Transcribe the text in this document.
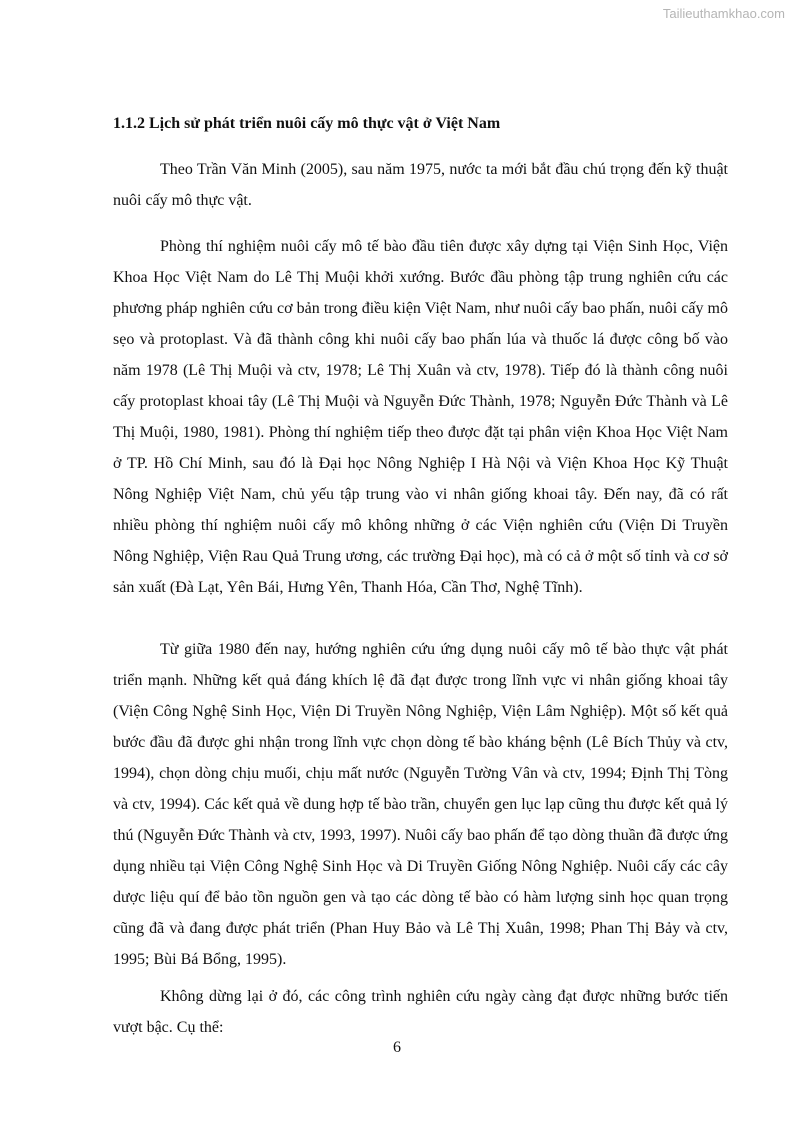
Tailieuthamkhao.com
1.1.2 Lịch sử phát triển nuôi cấy mô thực vật ở Việt Nam

Theo Trần Văn Minh (2005), sau năm 1975, nước ta mới bắt đầu chú trọng đến kỹ thuật nuôi cấy mô thực vật.

Phòng thí nghiệm nuôi cấy mô tế bào đầu tiên được xây dựng tại Viện Sinh Học, Viện Khoa Học Việt Nam do Lê Thị Muội khởi xướng. Bước đầu phòng tập trung nghiên cứu các phương pháp nghiên cứu cơ bản trong điều kiện Việt Nam, như nuôi cấy bao phấn, nuôi cấy mô sẹo và protoplast. Và đã thành công khi nuôi cấy bao phấn lúa và thuốc lá được công bố vào năm 1978 (Lê Thị Muội và ctv, 1978; Lê Thị Xuân và ctv, 1978). Tiếp đó là thành công nuôi cấy protoplast khoai tây (Lê Thị Muội và Nguyễn Đức Thành, 1978; Nguyễn Đức Thành và Lê Thị Muội, 1980, 1981). Phòng thí nghiệm tiếp theo được đặt tại phân viện Khoa Học Việt Nam ở TP. Hồ Chí Minh, sau đó là Đại học Nông Nghiệp I Hà Nội và Viện Khoa Học Kỹ Thuật Nông Nghiệp Việt Nam, chủ yếu tập trung vào vi nhân giống khoai tây. Đến nay, đã có rất nhiều phòng thí nghiệm nuôi cấy mô không những ở các Viện nghiên cứu (Viện Di Truyền Nông Nghiệp, Viện Rau Quả Trung ương, các trường Đại học), mà có cả ở một số tỉnh và cơ sở sản xuất (Đà Lạt, Yên Bái, Hưng Yên, Thanh Hóa, Cần Thơ, Nghệ Tĩnh).

Từ giữa 1980 đến nay, hướng nghiên cứu ứng dụng nuôi cấy mô tế bào thực vật phát triển mạnh. Những kết quả đáng khích lệ đã đạt được trong lĩnh vực vi nhân giống khoai tây (Viện Công Nghệ Sinh Học, Viện Di Truyền Nông Nghiệp, Viện Lâm Nghiệp). Một số kết quả bước đầu đã được ghi nhận trong lĩnh vực chọn dòng tế bào kháng bệnh (Lê Bích Thủy và ctv, 1994), chọn dòng chịu muối, chịu mất nước (Nguyễn Tường Vân và ctv, 1994; Định Thị Tòng và ctv, 1994). Các kết quả về dung hợp tế bào trần, chuyển gen lục lạp cũng thu được kết quả lý thú (Nguyễn Đức Thành và ctv, 1993, 1997). Nuôi cấy bao phấn để tạo dòng thuần đã được ứng dụng nhiều tại Viện Công Nghệ Sinh Học và Di Truyền Giống Nông Nghiệp. Nuôi cấy các cây dược liệu quí để bảo tồn nguồn gen và tạo các dòng tế bào có hàm lượng sinh học quan trọng cũng đã và đang được phát triển (Phan Huy Bảo và Lê Thị Xuân, 1998; Phan Thị Bảy và ctv, 1995; Bùi Bá Bổng, 1995).

Không dừng lại ở đó, các công trình nghiên cứu ngày càng đạt được những bước tiến vượt bậc. Cụ thể:

6
